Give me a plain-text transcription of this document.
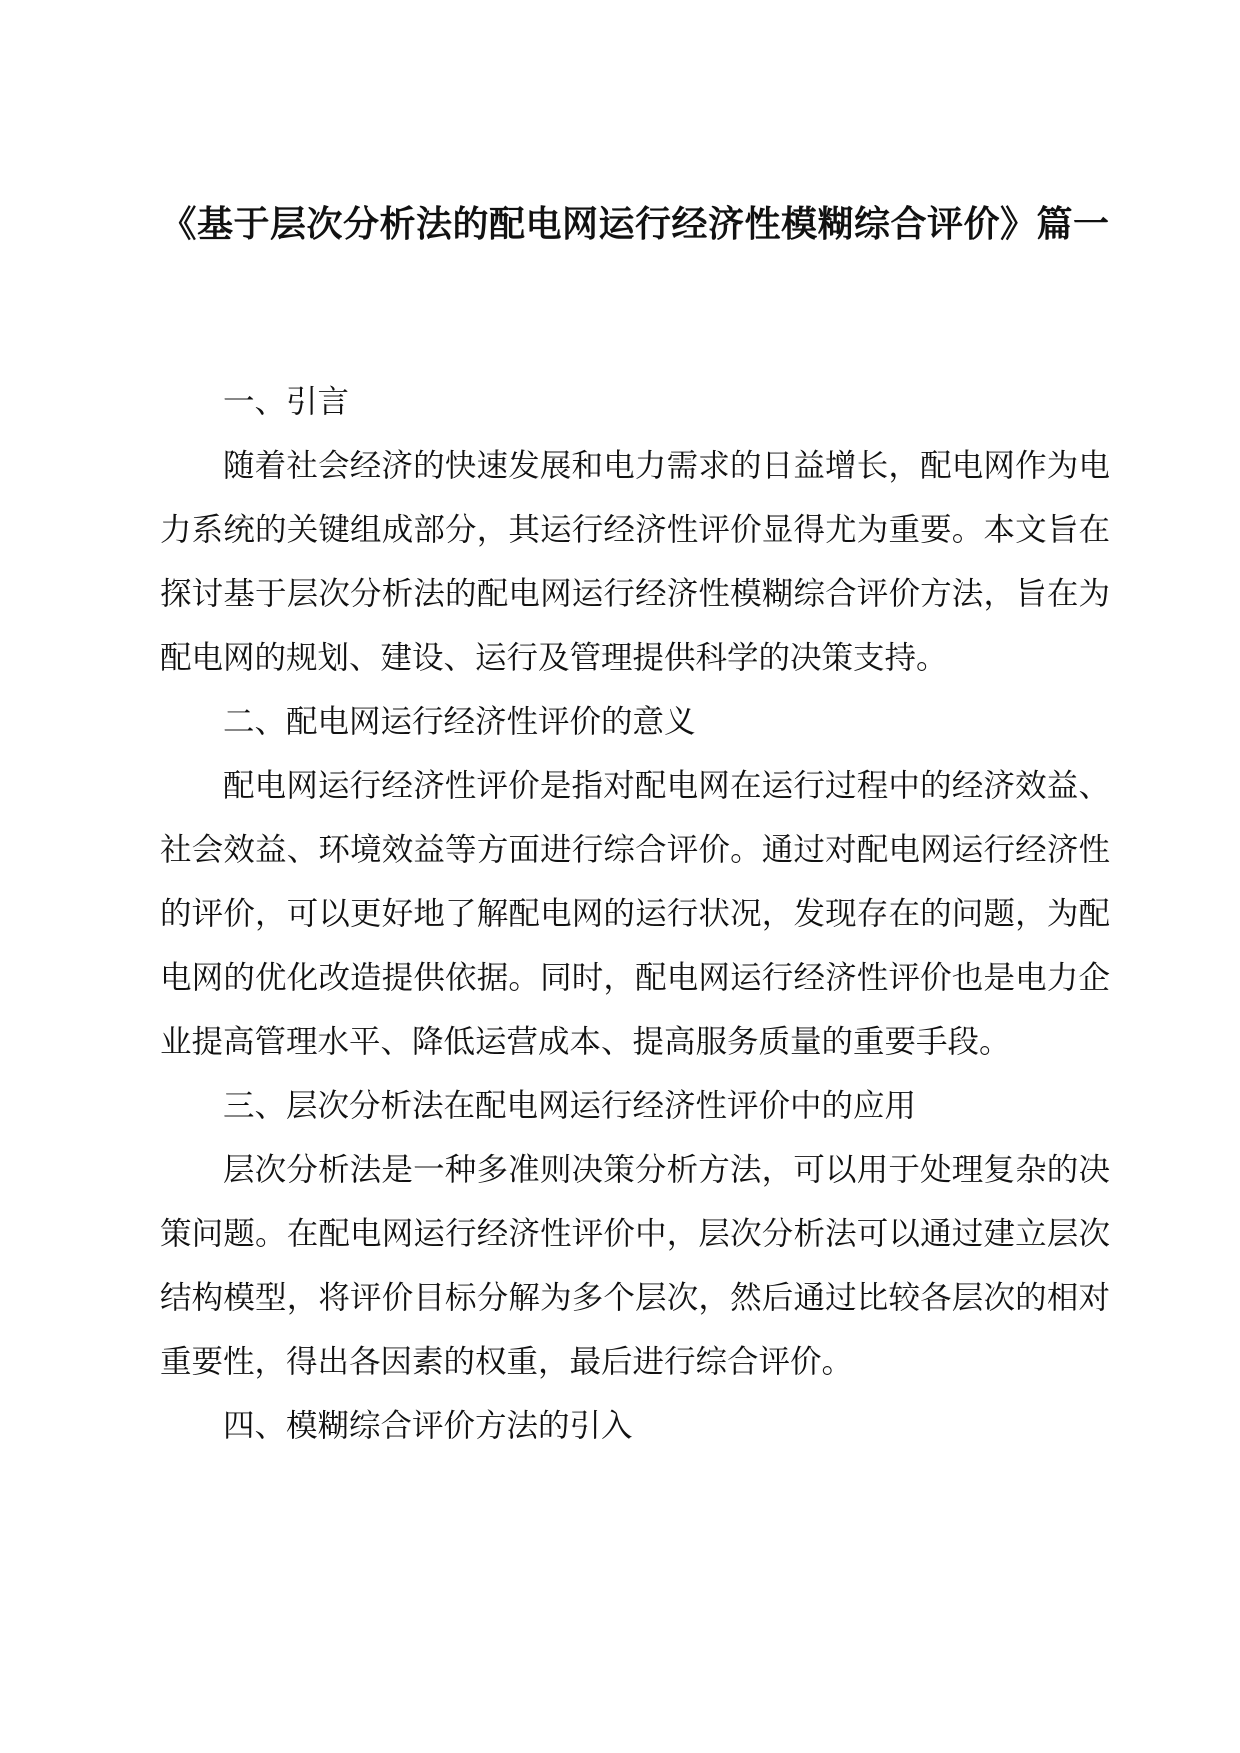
《基于层次分析法的配电网运行经济性模糊综合评价》篇一

一、引言

随着社会经济的快速发展和电力需求的日益增长，配电网作为电力系统的关键组成部分，其运行经济性评价显得尤为重要。本文旨在探讨基于层次分析法的配电网运行经济性模糊综合评价方法，旨在为配电网的规划、建设、运行及管理提供科学的决策支持。

二、配电网运行经济性评价的意义

配电网运行经济性评价是指对配电网在运行过程中的经济效益、社会效益、环境效益等方面进行综合评价。通过对配电网运行经济性的评价，可以更好地了解配电网的运行状况，发现存在的问题，为配电网的优化改造提供依据。同时，配电网运行经济性评价也是电力企业提高管理水平、降低运营成本、提高服务质量的重要手段。

三、层次分析法在配电网运行经济性评价中的应用

层次分析法是一种多准则决策分析方法，可以用于处理复杂的决策问题。在配电网运行经济性评价中，层次分析法可以通过建立层次结构模型，将评价目标分解为多个层次，然后通过比较各层次的相对重要性，得出各因素的权重，最后进行综合评价。

四、模糊综合评价方法的引入
